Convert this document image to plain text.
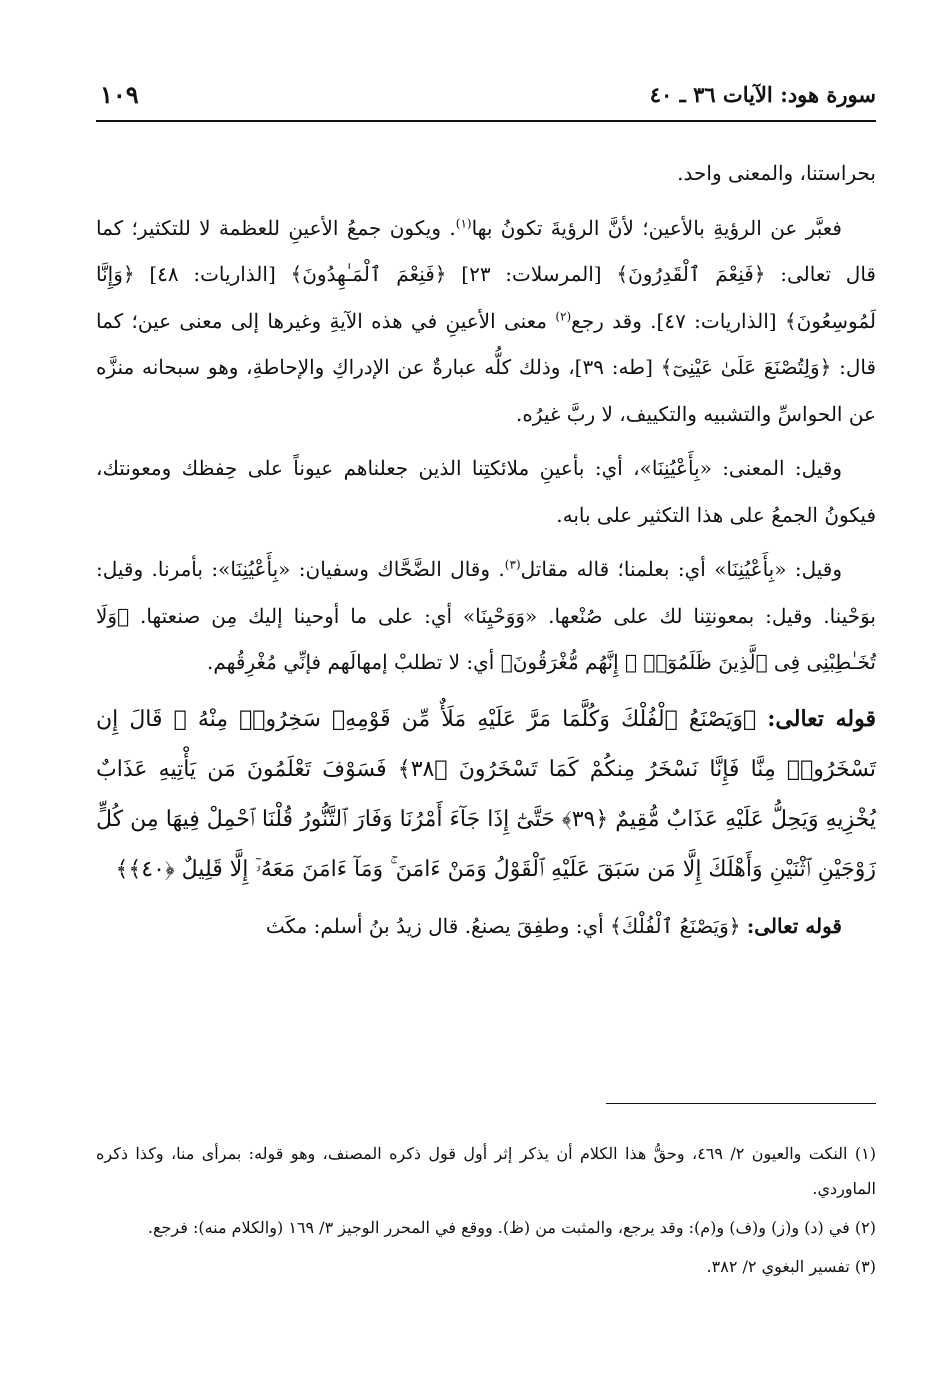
سورة هود: الآيات ٣٦ ـ ٤٠
١٠٩

بحراستنا، والمعنى واحد.

فعبَّر عن الرؤيةِ بالأعين؛ لأنَّ الرؤيةَ تكونُ بها$^{(١)}$. ويكون جمعُ الأعينِ للعظمة لا للتكثير؛ كما قال تعالى: ﴿فَنِعْمَ ٱلْقَدِرُونَ﴾ [المرسلات: ٢٣] ﴿فَنِعْمَ ٱلْمَـٰهِدُونَ﴾ [الذاريات: ٤٨] ﴿وَإِنَّا لَمُوسِعُونَ﴾ [الذاريات: ٤٧]. وقد رجع$^{(٢)}$ معنى الأعينِ في هذه الآيةِ وغيرها إلى معنى عين؛ كما قال: ﴿وَلِتُصْنَعَ عَلَىٰ عَيْنِىٓ﴾ [طه: ٣٩]، وذلك كلُّه عبارةٌ عن الإدراكِ والإحاطةِ، وهو سبحانه منزَّه عن الحواسِّ والتشبيه والتكييف، لا ربَّ غيرُه.

وقيل: المعنى: «بِأَعْيُنِنَا»، أي: بأعينِ ملائكتِنا الذين جعلناهم عيوناً على حِفظك ومعونتك، فيكونُ الجمعُ على هذا التكثير على بابه.

وقيل: «بِأَعْيُنِنَا» أي: بعلمنا؛ قاله مقاتل$^{(٣)}$. وقال الضَّحَّاك وسفيان: «بِأَعْيُنِنَا»: بأمرنا. وقيل: بوَحْينا. وقيل: بمعونتِنا لك على صُنْعها. «وَوَحْيِنَا» أي: على ما أوحينا إليك مِن صنعتها. ﴿وَلَا تُخَـٰطِبْنِى فِى ٱلَّذِينَ ظَلَمُوٓا۟ ۚ إِنَّهُم مُّغْرَقُونَ﴾ أي: لا تطلبْ إمهالَهم فإنِّي مُغْرِقُهم.

قوله تعالى: ﴿وَيَصْنَعُ ٱلْفُلْكَ وَكُلَّمَا مَرَّ عَلَيْهِ مَلَأٌ مِّن قَوْمِهِۦ سَخِرُوا۟ مِنْهُ ۚ قَالَ إِن تَسْخَرُوا۟ مِنَّا فَإِنَّا نَسْخَرُ مِنكُمْ كَمَا تَسْخَرُونَ ﴿٣٨﴾ فَسَوْفَ تَعْلَمُونَ مَن يَأْتِيهِ عَذَابٌ يُخْزِيهِ وَيَحِلُّ عَلَيْهِ عَذَابٌ مُّقِيمٌ ﴿٣٩﴾ حَتَّىٰٓ إِذَا جَآءَ أَمْرُنَا وَفَارَ ٱلتَّنُّورُ قُلْنَا ٱحْمِلْ فِيهَا مِن كُلٍّ زَوْجَيْنِ ٱثْنَيْنِ وَأَهْلَكَ إِلَّا مَن سَبَقَ عَلَيْهِ ٱلْقَوْلُ وَمَنْ ءَامَنَ ۚ وَمَآ ءَامَنَ مَعَهُۥٓ إِلَّا قَلِيلٌ ﴿٤٠﴾﴾

قوله تعالى: ﴿وَيَصْنَعُ ٱلْفُلْكَ﴾ أي: وطفِقَ يصنعُ. قال زيدُ بنُ أسلم: مكَث

(١) النكت والعيون ٢/ ٤٦٩، وحقُّ هذا الكلام أن يذكر إثر أول قول ذكره المصنف، وهو قوله: بمرأى منا، وكذا ذكره الماوردي.

(٢) في (د) و(ز) و(ف) و(م): وقد يرجع، والمثبت من (ظ). ووقع في المحرر الوجيز ٣/ ١٦٩ (والكلام منه): فرجع.

(٣) تفسير البغوي ٢/ ٣٨٢.
